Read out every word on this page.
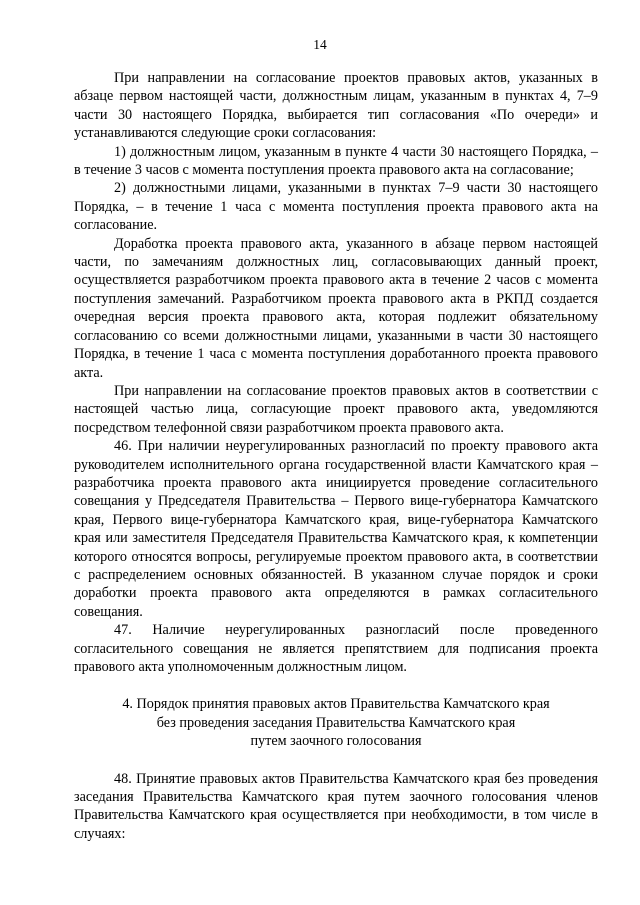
14

При направлении на согласование проектов правовых актов, указанных в абзаце первом настоящей части, должностным лицам, указанным в пунктах 4, 7–9 части 30 настоящего Порядка, выбирается тип согласования «По очереди» и устанавливаются следующие сроки согласования:

1) должностным лицом, указанным в пункте 4 части 30 настоящего Порядка, – в течение 3 часов с момента поступления проекта правового акта на согласование;

2) должностными лицами, указанными в пунктах 7–9 части 30 настоящего Порядка, – в течение 1 часа с момента поступления проекта правового акта на согласование.

Доработка проекта правового акта, указанного в абзаце первом настоящей части, по замечаниям должностных лиц, согласовывающих данный проект, осуществляется разработчиком проекта правового акта в течение 2 часов с момента поступления замечаний. Разработчиком проекта правового акта в РКПД создается очередная версия проекта правового акта, которая подлежит обязательному согласованию со всеми должностными лицами, указанными в части 30 настоящего Порядка, в течение 1 часа с момента поступления доработанного проекта правового акта.

При направлении на согласование проектов правовых актов в соответствии с настоящей частью лица, согласующие проект правового акта, уведомляются посредством телефонной связи разработчиком проекта правового акта.

46. При наличии неурегулированных разногласий по проекту правового акта руководителем исполнительного органа государственной власти Камчатского края – разработчика проекта правового акта инициируется проведение согласительного совещания у Председателя Правительства – Первого вице-губернатора Камчатского края, Первого вице-губернатора Камчатского края, вице-губернатора Камчатского края или заместителя Председателя Правительства Камчатского края, к компетенции которого относятся вопросы, регулируемые проектом правового акта, в соответствии с распределением основных обязанностей. В указанном случае порядок и сроки доработки проекта правового акта определяются в рамках согласительного совещания.

47. Наличие неурегулированных разногласий после проведенного согласительного совещания не является препятствием для подписания проекта правового акта уполномоченным должностным лицом.

4. Порядок принятия правовых актов Правительства Камчатского края

без проведения заседания Правительства Камчатского края

путем заочного голосования

48. Принятие правовых актов Правительства Камчатского края без проведения заседания Правительства Камчатского края путем заочного голосования членов Правительства Камчатского края осуществляется при необходимости, в том числе в случаях:
